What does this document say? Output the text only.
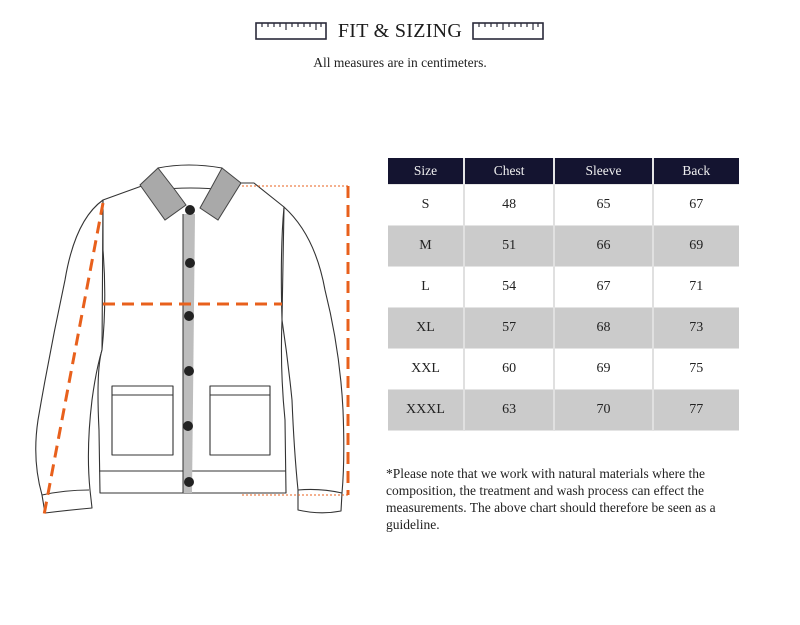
FIT & SIZING
All measures are in centimeters.
Size	Chest	Sleeve	Back
S	48	65	67
M	51	66	69
L	54	67	71
XL	57	68	73
XXL	60	69	75
XXXL	63	70	77
*Please note that we work with natural materials where the composition, the treatment and wash process can effect the measurements. The above chart should therefore be seen as a guideline.
